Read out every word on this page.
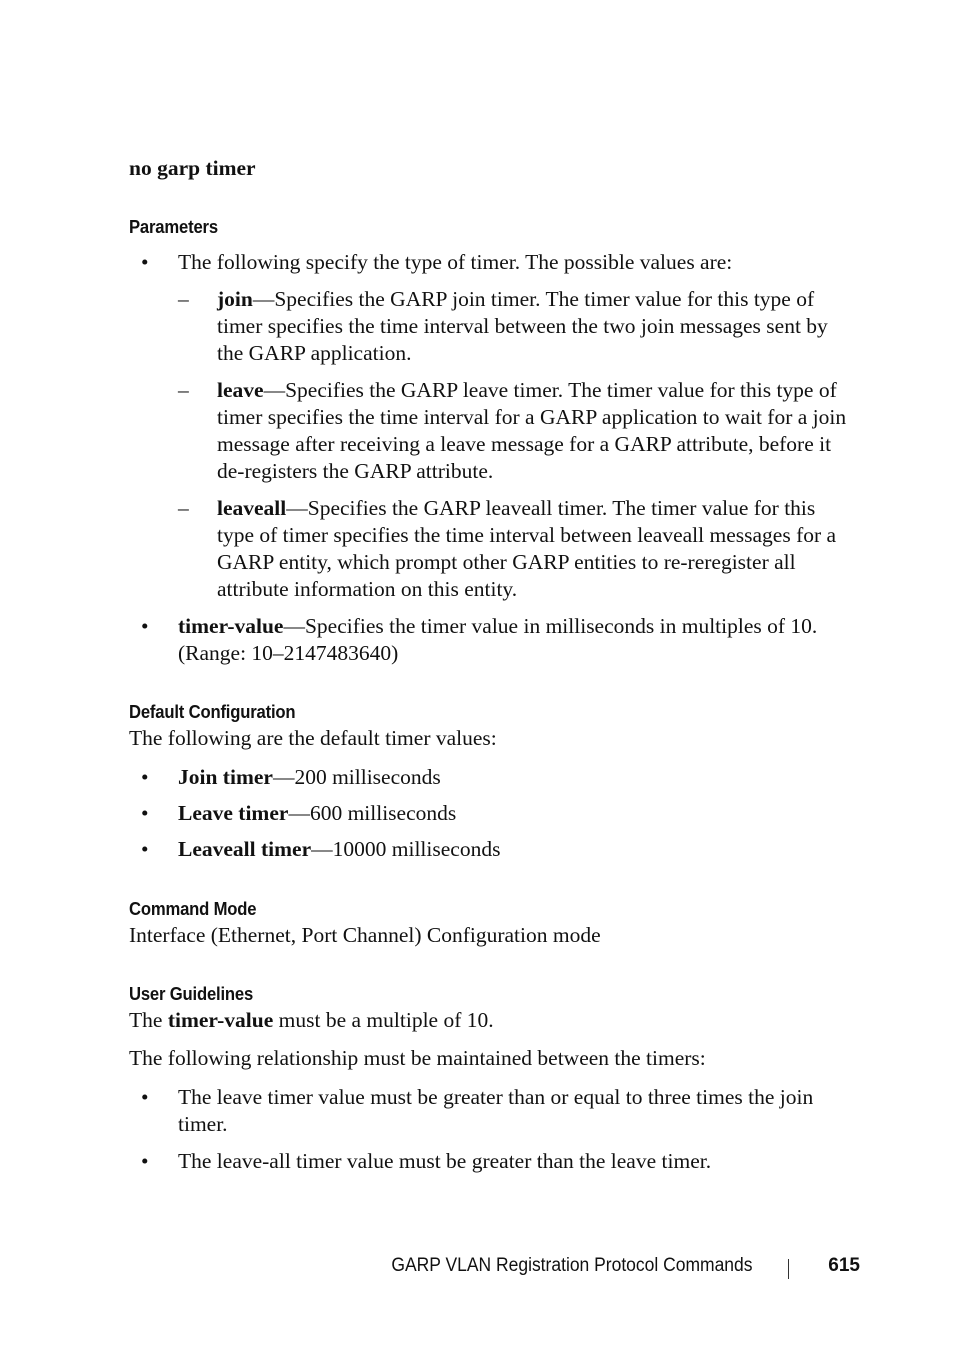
no garp timer
Parameters
• The following specify the type of timer. The possible values are:
– join—Specifies the GARP join timer. The timer value for this type of timer specifies the time interval between the two join messages sent by the GARP application.
– leave—Specifies the GARP leave timer. The timer value for this type of timer specifies the time interval for a GARP application to wait for a join message after receiving a leave message for a GARP attribute, before it de-registers the GARP attribute.
– leaveall—Specifies the GARP leaveall timer. The timer value for this type of timer specifies the time interval between leaveall messages for a GARP entity, which prompt other GARP entities to re-reregister all attribute information on this entity.
• timer-value—Specifies the timer value in milliseconds in multiples of 10. (Range: 10–2147483640)
Default Configuration
The following are the default timer values:
• Join timer—200 milliseconds
• Leave timer—600 milliseconds
• Leaveall timer—10000 milliseconds
Command Mode
Interface (Ethernet, Port Channel) Configuration mode
User Guidelines
The timer-value must be a multiple of 10.
The following relationship must be maintained between the timers:
• The leave timer value must be greater than or equal to three times the join timer.
• The leave-all timer value must be greater than the leave timer.
GARP VLAN Registration Protocol Commands	615
